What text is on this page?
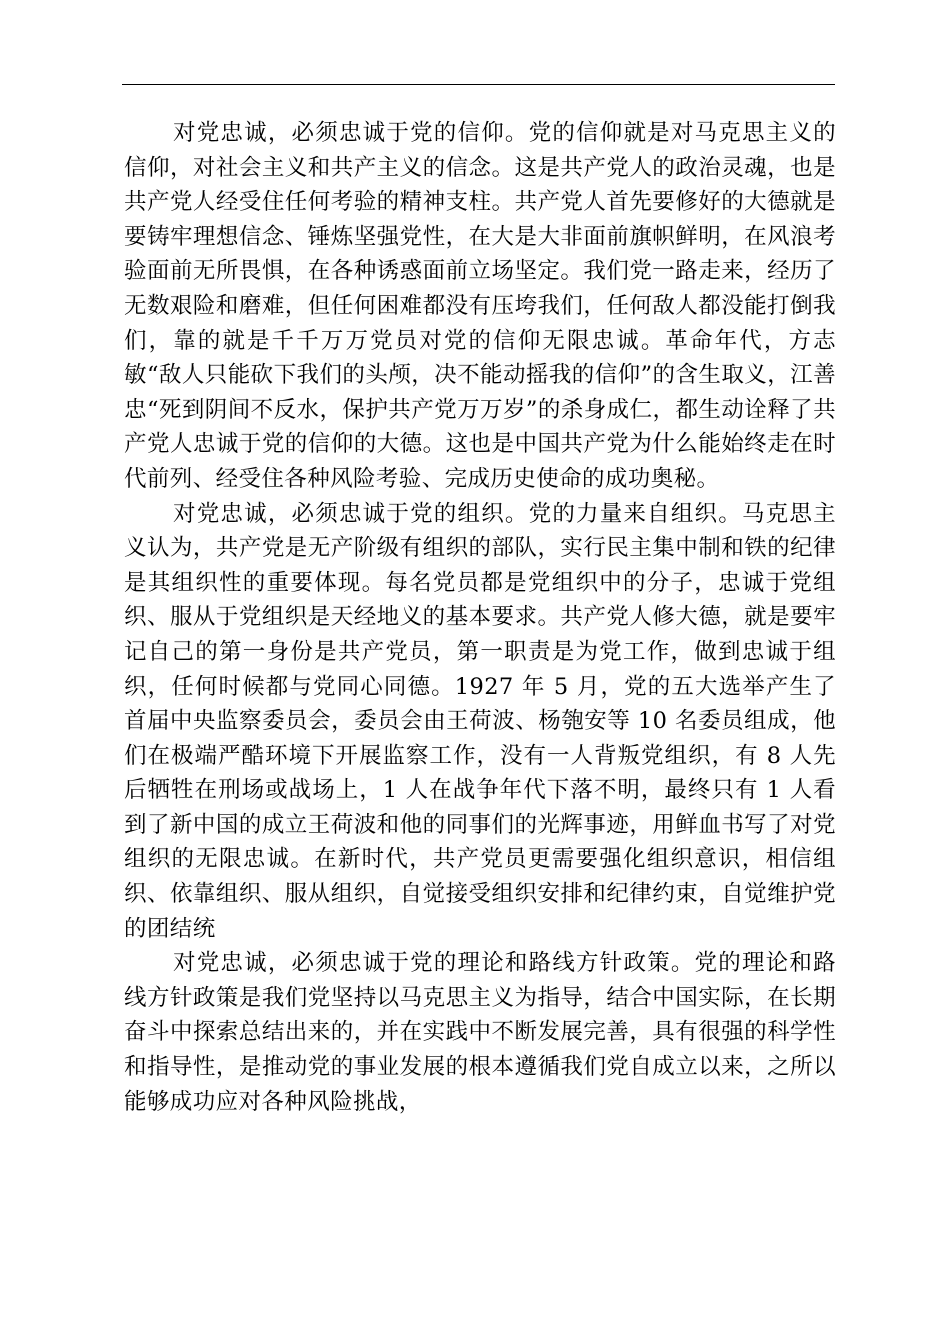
对党忠诚，必须忠诚于党的信仰。党的信仰就是对马克思主义的信仰，对社会主义和共产主义的信念。这是共产党人的政治灵魂，也是共产党人经受住任何考验的精神支柱。共产党人首先要修好的大德就是要铸牢理想信念、锤炼坚强党性，在大是大非面前旗帜鲜明，在风浪考验面前无所畏惧，在各种诱惑面前立场坚定。我们党一路走来，经历了无数艰险和磨难，但任何困难都没有压垮我们，任何敌人都没能打倒我们，靠的就是千千万万党员对党的信仰无限忠诚。革命年代，方志敏“敌人只能砍下我们的头颅，决不能动摇我的信仰”的含生取义，江善忠“死到阴间不反水，保护共产党万万岁”的杀身成仁，都生动诠释了共产党人忠诚于党的信仰的大德。这也是中国共产党为什么能始终走在时代前列、经受住各种风险考验、完成历史使命的成功奥秘。

对党忠诚，必须忠诚于党的组织。党的力量来自组织。马克思主义认为，共产党是无产阶级有组织的部队，实行民主集中制和铁的纪律是其组织性的重要体现。每名党员都是党组织中的分子，忠诚于党组织、服从于党组织是天经地义的基本要求。共产党人修大德，就是要牢记自己的第一身份是共产党员，第一职责是为党工作，做到忠诚于组织，任何时候都与党同心同德。1927 年 5 月，党的五大选举产生了首届中央监察委员会，委员会由王荷波、杨匏安等 10 名委员组成，他们在极端严酷环境下开展监察工作，没有一人背叛党组织，有 8 人先后牺牲在刑场或战场上，1 人在战争年代下落不明，最终只有 1 人看到了新中国的成立王荷波和他的同事们的光辉事迹，用鲜血书写了对党组织的无限忠诚。在新时代，共产党员更需要强化组织意识，相信组织、依靠组织、服从组织，自觉接受组织安排和纪律约束，自觉维护党的团结统

对党忠诚，必须忠诚于党的理论和路线方针政策。党的理论和路线方针政策是我们党坚持以马克思主义为指导，结合中国实际，在长期奋斗中探索总结出来的，并在实践中不断发展完善，具有很强的科学性和指导性，是推动党的事业发展的根本遵循我们党自成立以来，之所以能够成功应对各种风险挑战，
